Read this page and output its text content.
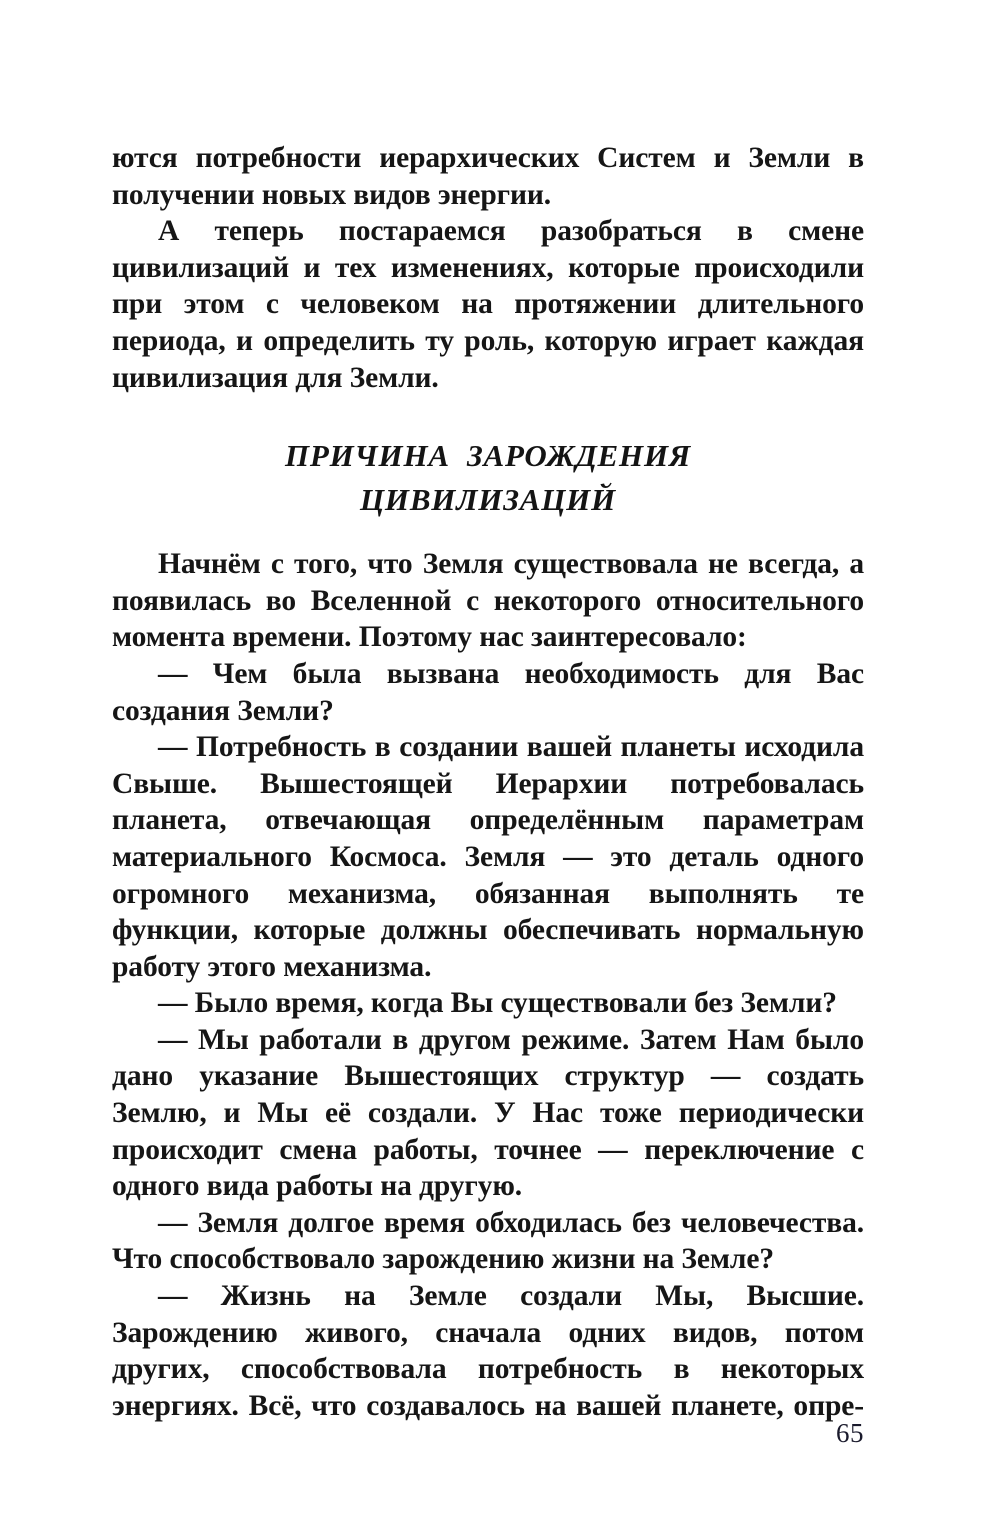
ются потребности иерархических Систем и Земли в получении новых видов энергии.

А теперь постараемся разобраться в смене цивилизаций и тех изменениях, которые происходили при этом с человеком на протяжении длительного периода, и определить ту роль, которую играет каждая цивилизация для Земли.

ПРИЧИНА  ЗАРОЖДЕНИЯ
ЦИВИЛИЗАЦИЙ

Начнём с того, что Земля существовала не всегда, а появилась во Вселенной с некоторого относительного момента времени. Поэтому нас заинтересовало:

— Чем была вызвана необходимость для Вас создания Земли?

— Потребность в создании вашей планеты исходила Свыше. Вышестоящей Иерархии потребовалась планета, отвечающая определённым параметрам материального Космоса. Земля — это деталь одного огромного механизма, обязанная выполнять те функции, которые должны обеспечивать нормальную работу этого механизма.

— Было время, когда Вы существовали без Земли?

— Мы работали в другом режиме. Затем Нам было дано указание Вышестоящих структур — создать Землю, и Мы её создали. У Нас тоже периодически происходит смена работы, точнее — переключение с одного вида работы на другую.

— Земля долгое время обходилась без человечества. Что способствовало зарождению жизни на Земле?

— Жизнь на Земле создали Мы, Высшие. Зарождению живого, сначала одних видов, потом других, способствовала потребность в некоторых энергиях. Всё, что создавалось на вашей планете, опре-

65
